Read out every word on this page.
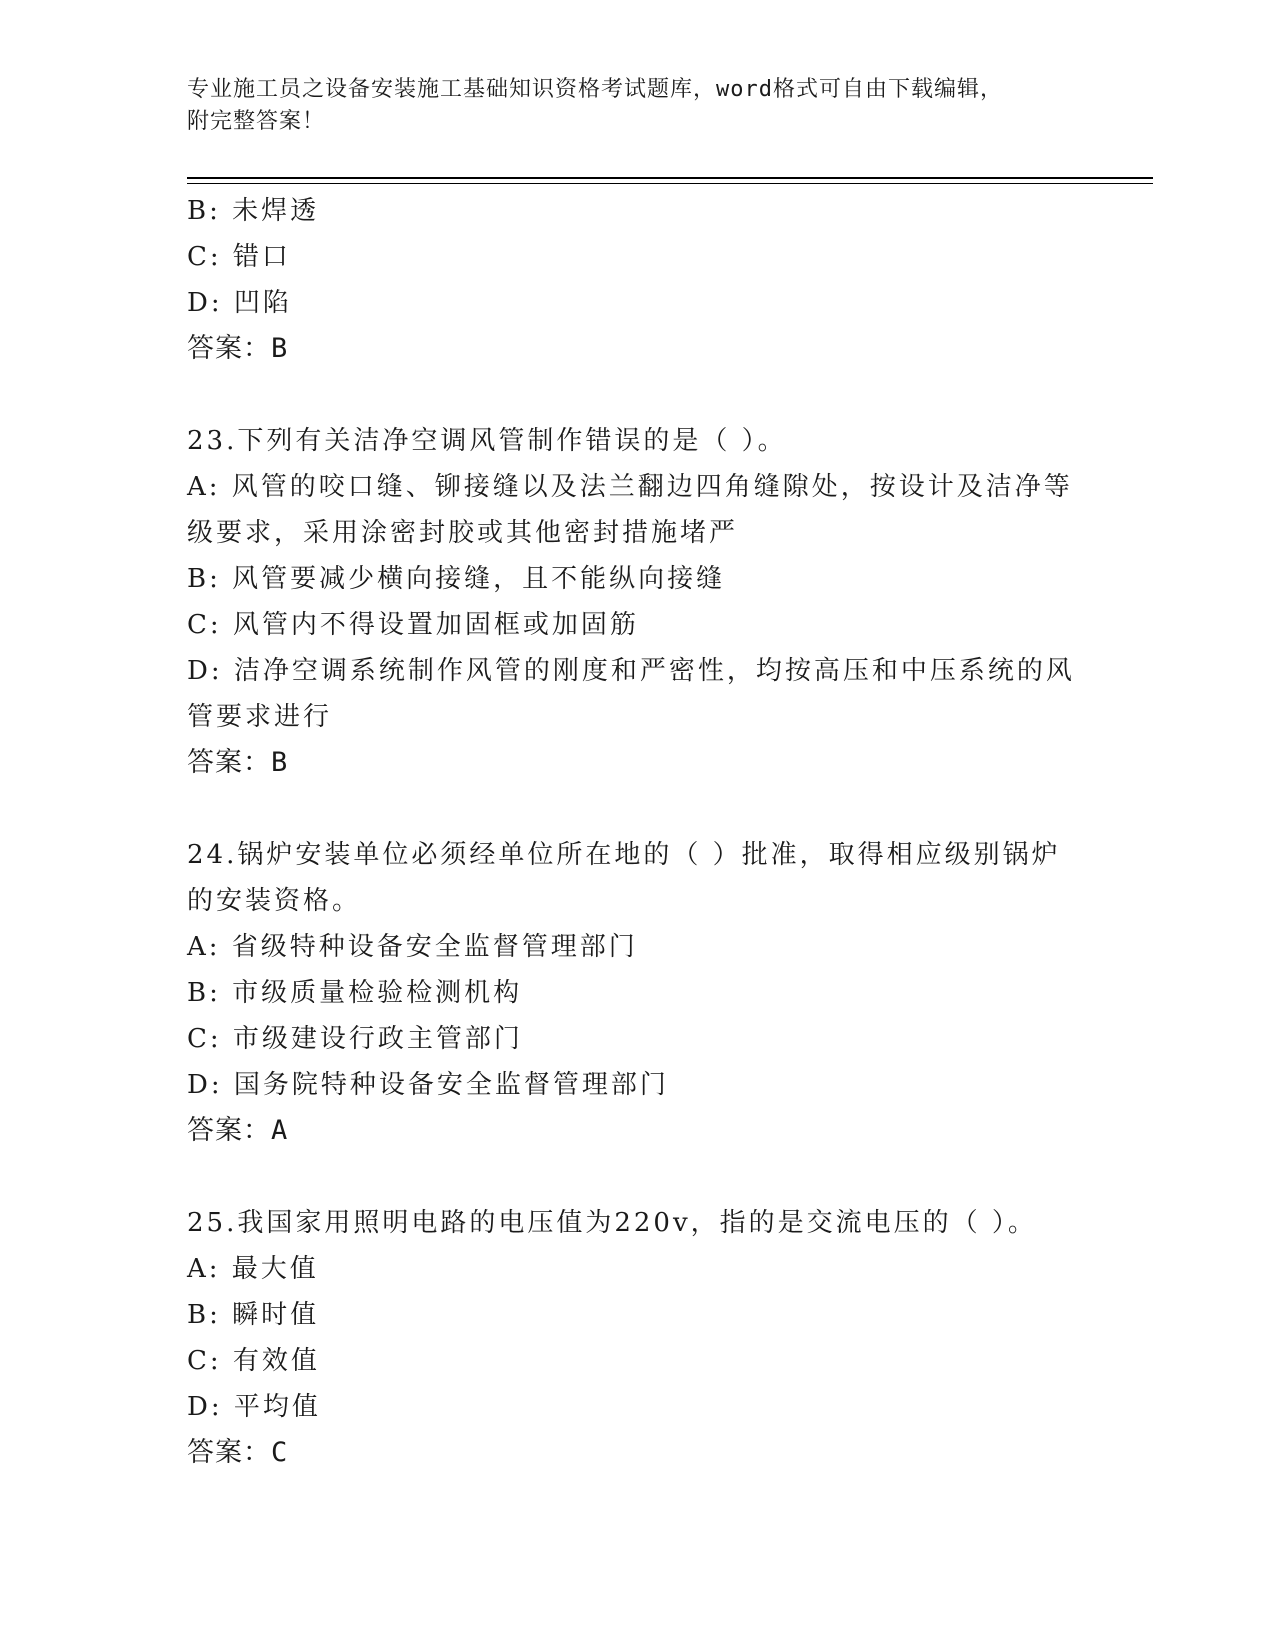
专业施工员之设备安装施工基础知识资格考试题库，word格式可自由下载编辑，
附完整答案！
B: 未焊透
C: 错口
D: 凹陷
答案：B
23.下列有关洁净空调风管制作错误的是（ ）。
A: 风管的咬口缝、铆接缝以及法兰翻边四角缝隙处，按设计及洁净等
级要求，采用涂密封胶或其他密封措施堵严
B: 风管要减少横向接缝，且不能纵向接缝
C: 风管内不得设置加固框或加固筋
D: 洁净空调系统制作风管的刚度和严密性，均按高压和中压系统的风
管要求进行
答案：B
24.锅炉安装单位必须经单位所在地的（ ）批准，取得相应级别锅炉
的安装资格。
A: 省级特种设备安全监督管理部门
B: 市级质量检验检测机构
C: 市级建设行政主管部门
D: 国务院特种设备安全监督管理部门
答案：A
25.我国家用照明电路的电压值为220v，指的是交流电压的（ ）。
A: 最大值
B: 瞬时值
C: 有效值
D: 平均值
答案：C
